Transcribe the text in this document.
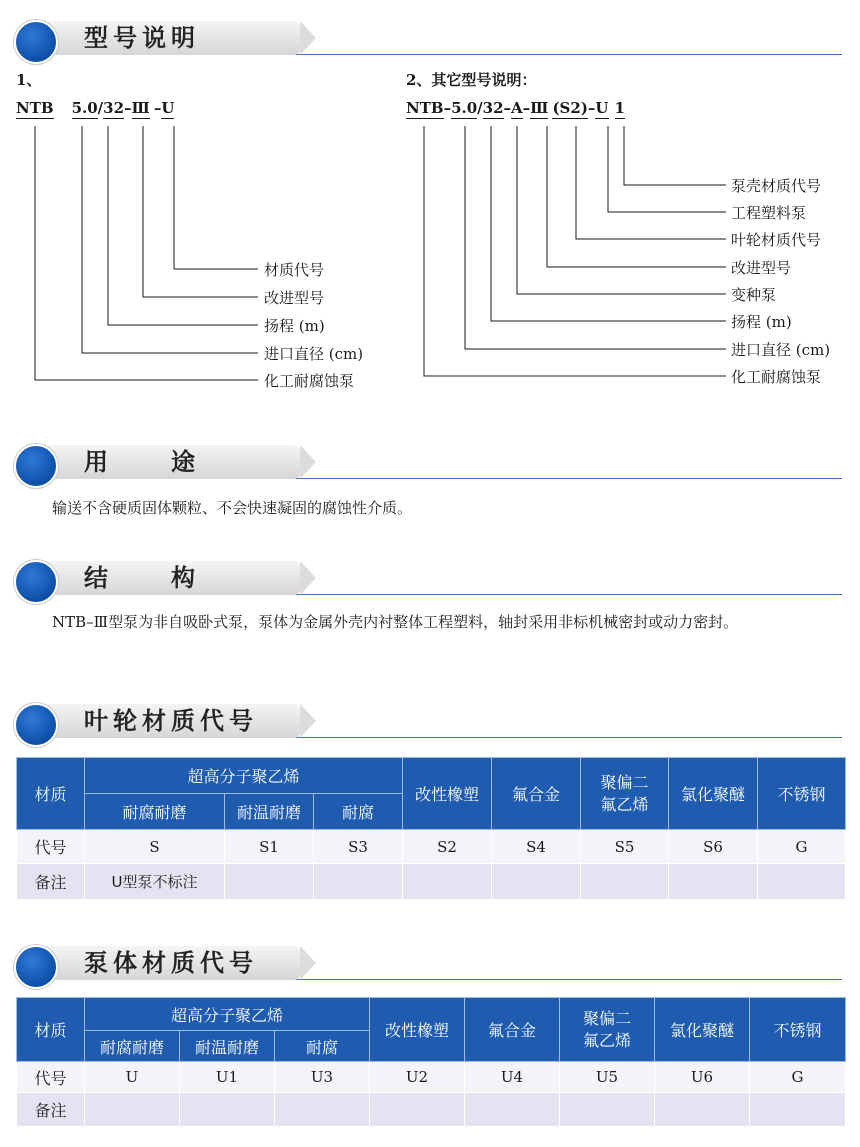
型号说明
1、
NTB 5.0/32–Ⅲ –U
材质代号
改进型号
扬程 (m)
进口直径 (cm)
化工耐腐蚀泵
2、其它型号说明：
NTB–5.0/32–A–Ⅲ (S2)–U 1
泵壳材质代号
工程塑料泵
叶轮材质代号
改进型号
变种泵
扬程 (m)
进口直径 (cm)
化工耐腐蚀泵
用　　途
输送不含硬质固体颗粒、不会快速凝固的腐蚀性介质。
结　　构
NTB–Ⅲ型泵为非自吸卧式泵，泵体为金属外壳内衬整体工程塑料，轴封采用非标机械密封或动力密封。
叶轮材质代号
材质	超高分子聚乙烯			改性橡塑	氟合金	聚偏二氟乙烯	氯化聚醚	不锈钢
	耐腐耐磨	耐温耐磨	耐腐					
代号	S	S1	S3	S2	S4	S5	S6	G
备注	U型泵不标注							
泵体材质代号
材质	超高分子聚乙烯			改性橡塑	氟合金	聚偏二氟乙烯	氯化聚醚	不锈钢
	耐腐耐磨	耐温耐磨	耐腐					
代号	U	U1	U3	U2	U4	U5	U6	G
备注								
